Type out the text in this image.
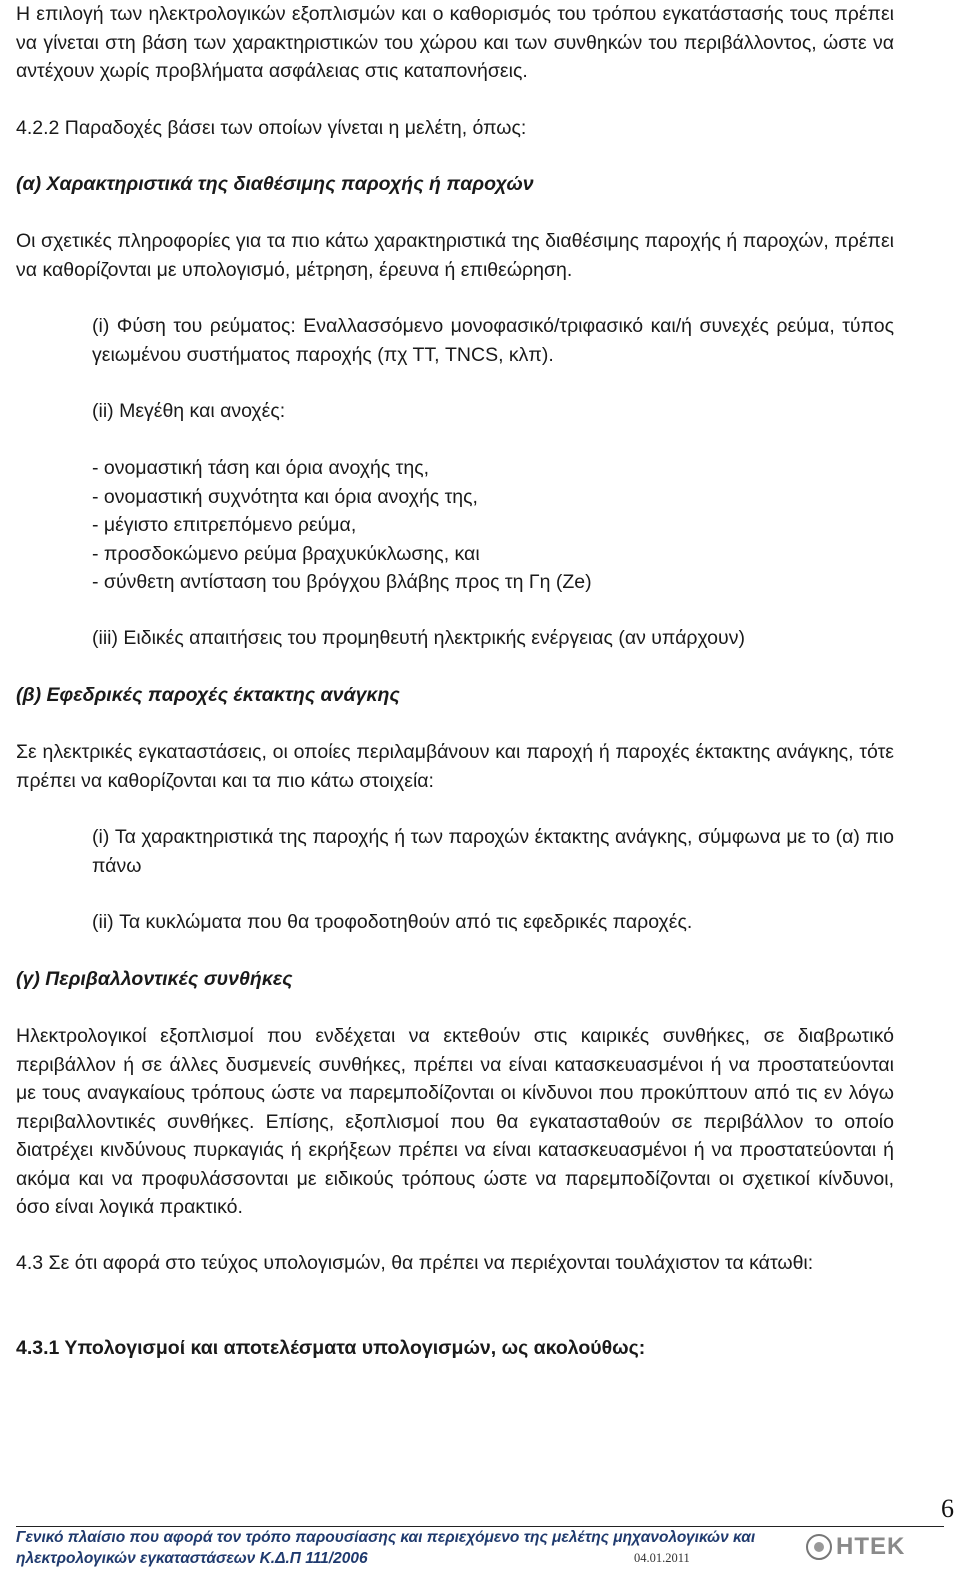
Η επιλογή των ηλεκτρολογικών εξοπλισμών και ο καθορισμός του τρόπου εγκατάστασής τους πρέπει να γίνεται στη βάση των χαρακτηριστικών του χώρου και των συνθηκών του περιβάλλοντος, ώστε να αντέχουν χωρίς προβλήματα ασφάλειας στις καταπονήσεις.

4.2.2 Παραδοχές βάσει των οποίων γίνεται η μελέτη, όπως:

(α) Χαρακτηριστικά της διαθέσιμης παροχής ή παροχών

Οι σχετικές πληροφορίες για τα πιο κάτω χαρακτηριστικά της διαθέσιμης παροχής ή παροχών, πρέπει να καθορίζονται με υπολογισμό, μέτρηση, έρευνα ή επιθεώρηση.

(i) Φύση του ρεύματος: Εναλλασσόμενο μονοφασικό/τριφασικό και/ή συνεχές ρεύμα, τύπος γειωμένου συστήματος παροχής (πχ ΤΤ, TNCS, κλπ).

(ii) Μεγέθη και ανοχές:

- ονομαστική τάση και όρια ανοχής της,
- ονομαστική συχνότητα και όρια ανοχής της,
- μέγιστο επιτρεπόμενο ρεύμα,
- προσδοκώμενο ρεύμα βραχυκύκλωσης, και
- σύνθετη αντίσταση του βρόγχου βλάβης προς τη Γη (Ze)

(iii) Ειδικές απαιτήσεις του προμηθευτή ηλεκτρικής ενέργειας (αν υπάρχουν)

(β) Εφεδρικές παροχές έκτακτης ανάγκης

Σε ηλεκτρικές εγκαταστάσεις, οι οποίες περιλαμβάνουν και παροχή ή παροχές έκτακτης ανάγκης, τότε πρέπει να καθορίζονται και τα πιο κάτω στοιχεία:

(i) Τα χαρακτηριστικά της παροχής ή των παροχών έκτακτης ανάγκης, σύμφωνα με το (α) πιο πάνω

(ii) Τα κυκλώματα που θα τροφοδοτηθούν από τις εφεδρικές παροχές.

(γ) Περιβαλλοντικές συνθήκες

Ηλεκτρολογικοί εξοπλισμοί που ενδέχεται να εκτεθούν στις καιρικές συνθήκες, σε διαβρωτικό περιβάλλον ή σε άλλες δυσμενείς συνθήκες, πρέπει να είναι κατασκευασμένοι ή να προστατεύονται με τους αναγκαίους τρόπους ώστε να παρεμποδίζονται οι κίνδυνοι που προκύπτουν από τις εν λόγω περιβαλλοντικές συνθήκες. Επίσης, εξοπλισμοί που θα εγκατασταθούν σε περιβάλλον το οποίο διατρέχει κινδύνους πυρκαγιάς ή εκρήξεων πρέπει να είναι κατασκευασμένοι ή να προστατεύονται ή ακόμα και να προφυλάσσονται με ειδικούς τρόπους ώστε να παρεμποδίζονται οι σχετικοί κίνδυνοι, όσο είναι λογικά πρακτικό.

4.3 Σε ότι αφορά στο τεύχος υπολογισμών, θα πρέπει να περιέχονται τουλάχιστον τα κάτωθι:

4.3.1 Υπολογισμοί και αποτελέσματα υπολογισμών, ως ακολούθως:

6
Γενικό πλαίσιο που αφορά τον τρόπο παρουσίασης και περιεχόμενο της μελέτης μηχανολογικών και ηλεκτρολογικών εγκαταστάσεων Κ.Δ.Π 111/2006	04.01.2011	ΗΤΕΚ
